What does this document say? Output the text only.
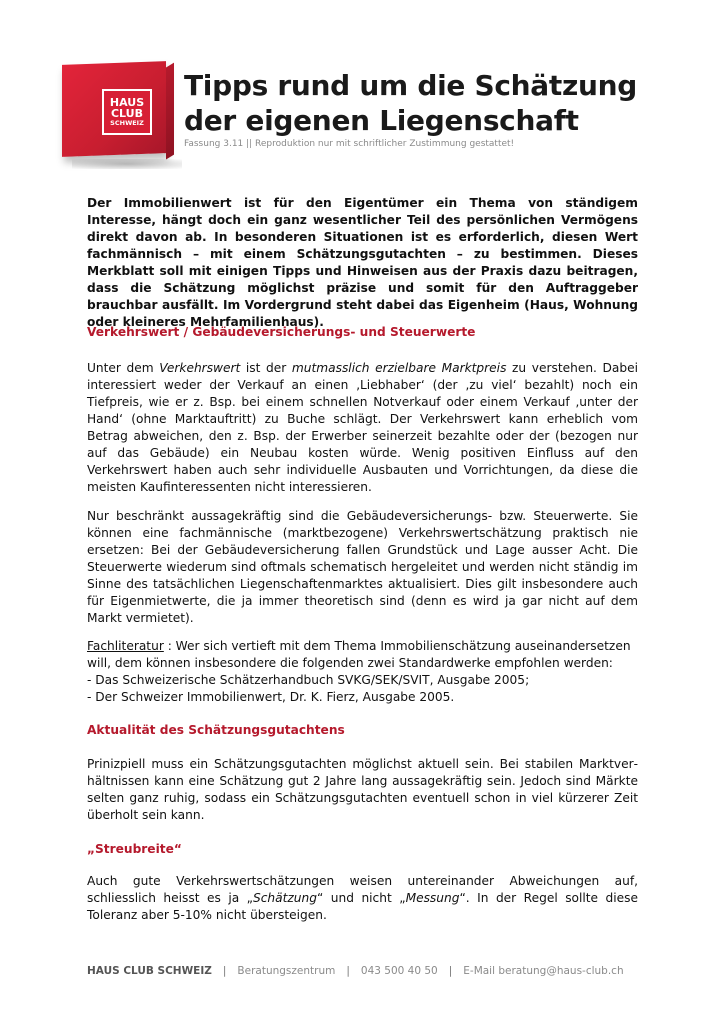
HAUS
CLUB
SCHWEIZ
Tipps rund um die Schätzung
der eigenen Liegenschaft
Fassung 3.11 || Reproduktion nur mit schriftlicher Zustimmung gestattet!

Der Immobilienwert ist für den Eigentümer ein Thema von ständigem Interesse, hängt doch ein ganz wesentlicher Teil des persönlichen Vermögens direkt davon ab. In besonderen Situationen ist es erforderlich, diesen Wert fachmännisch – mit einem Schätzungsgutachten – zu bestimmen. Dieses Merkblatt soll mit einigen Tipps und Hinweisen aus der Praxis dazu beitragen, dass die Schätzung möglichst präzise und somit für den Auftraggeber brauchbar ausfällt. Im Vordergrund steht dabei das Eigenheim (Haus, Wohnung oder kleineres Mehrfamilienhaus).

Verkehrswert / Gebäudeversicherungs- und Steuerwerte

Unter dem Verkehrswert ist der mutmasslich erzielbare Marktpreis zu verstehen. Dabei interessiert weder der Verkauf an einen ‚Liebhaber‘ (der ‚zu viel‘ bezahlt) noch ein Tiefpreis, wie er z. Bsp. bei einem schnellen Notverkauf oder einem Verkauf ‚unter der Hand‘ (ohne Marktauftritt) zu Buche schlägt. Der Verkehrswert kann erheblich vom Betrag abweichen, den z. Bsp. der Erwerber seinerzeit bezahlte oder der (bezogen nur auf das Gebäude) ein Neubau kosten würde. Wenig positiven Einfluss auf den Verkehrswert haben auch sehr individuelle Ausbauten und Vorrichtungen, da diese die meisten Kaufinteressenten nicht interessieren.

Nur beschränkt aussagekräftig sind die Gebäudeversicherungs- bzw. Steuerwerte. Sie können eine fachmännische (marktbezogene) Verkehrswertschätzung praktisch nie ersetzen: Bei der Gebäudeversicherung fallen Grundstück und Lage ausser Acht. Die Steuerwerte wiederum sind oftmals schematisch hergeleitet und werden nicht ständig im Sinne des tatsächlichen Liegenschaftenmarktes aktualisiert. Dies gilt insbesondere auch für Eigenmietwerte, die ja immer theoretisch sind (denn es wird ja gar nicht auf dem Markt vermietet).

Fachliteratur : Wer sich vertieft mit dem Thema Immobilienschätzung auseinandersetzen will, dem können insbesondere die folgenden zwei Standardwerke empfohlen werden:
- Das Schweizerische Schätzerhandbuch SVKG/SEK/SVIT, Ausgabe 2005;
- Der Schweizer Immobilienwert, Dr. K. Fierz, Ausgabe 2005.

Aktualität des Schätzungsgutachtens

Prinizpiell muss ein Schätzungsgutachten möglichst aktuell sein. Bei stabilen Marktverhältnissen kann eine Schätzung gut 2 Jahre lang aussagekräftig sein. Jedoch sind Märkte selten ganz ruhig, sodass ein Schätzungsgutachten eventuell schon in viel kürzerer Zeit überholt sein kann.

„Streubreite“

Auch gute Verkehrswertschätzungen weisen untereinander Abweichungen auf, schliesslich heisst es ja „Schätzung“ und nicht „Messung“. In der Regel sollte diese Toleranz aber 5-10% nicht übersteigen.

HAUS CLUB SCHWEIZ | Beratungszentrum | 043 500 40 50 | E-Mail beratung@haus-club.ch
